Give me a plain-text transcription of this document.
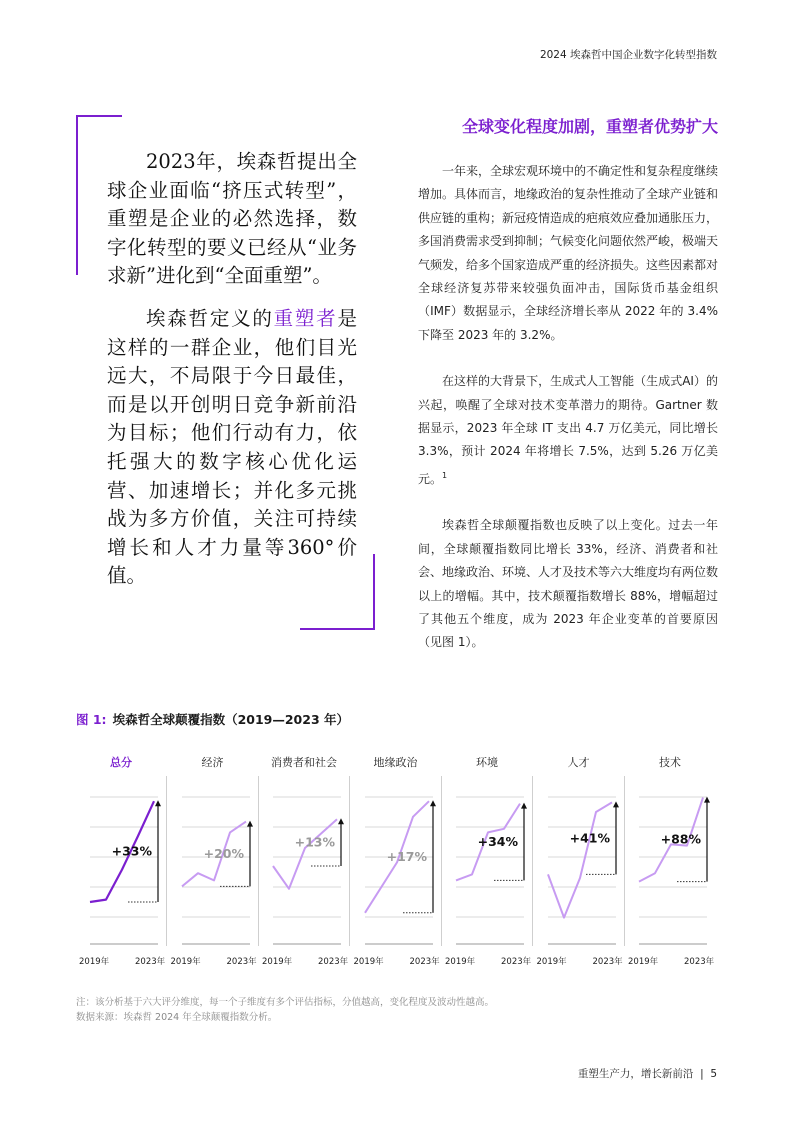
2024 埃森哲中国企业数字化转型指数

2023年，埃森哲提出全球企业面临“挤压式转型”，重塑是企业的必然选择，数字化转型的要义已经从“业务求新”进化到“全面重塑”。

埃森哲定义的重塑者是这样的一群企业，他们目光远大，不局限于今日最佳，而是以开创明日竞争新前沿为目标；他们行动有力，依托强大的数字核心优化运营、加速增长；并化多元挑战为多方价值，关注可持续增长和人才力量等360°价值。

全球变化程度加剧，重塑者优势扩大

一年来，全球宏观环境中的不确定性和复杂程度继续增加。具体而言，地缘政治的复杂性推动了全球产业链和供应链的重构；新冠疫情造成的疤痕效应叠加通胀压力，多国消费需求受到抑制；气候变化问题依然严峻，极端天气频发，给多个国家造成严重的经济损失。这些因素都对全球经济复苏带来较强负面冲击，国际货币基金组织（IMF）数据显示，全球经济增长率从 2022 年的 3.4% 下降至 2023 年的 3.2%。

在这样的大背景下，生成式人工智能（生成式AI）的兴起，唤醒了全球对技术变革潜力的期待。Gartner 数据显示，2023 年全球 IT 支出 4.7 万亿美元，同比增长 3.3%，预计 2024 年将增长 7.5%，达到 5.26 万亿美元。$^1$

埃森哲全球颠覆指数也反映了以上变化。过去一年间，全球颠覆指数同比增长 33%，经济、消费者和社会、地缘政治、环境、人才及技术等六大维度均有两位数以上的增幅。其中，技术颠覆指数增长 88%，增幅超过了其他五个维度，成为 2023 年企业变革的首要原因（见图 1）。

图 1: 埃森哲全球颠覆指数（2019—2023 年）
总分
+33%
2019年	2023年
经济
+20%
2019年	2023年
消费者和社会
+13%
2019年	2023年
地缘政治
+17%
2019年	2023年
环境
+34%
2019年	2023年
人才
+41%
2019年	2023年
技术
+88%
2019年	2023年
注：该分析基于六大评分维度，每一个子维度有多个评估指标，分值越高，变化程度及波动性越高。
数据来源：埃森哲 2024 年全球颠覆指数分析。
重塑生产力，增长新前沿  |  5
